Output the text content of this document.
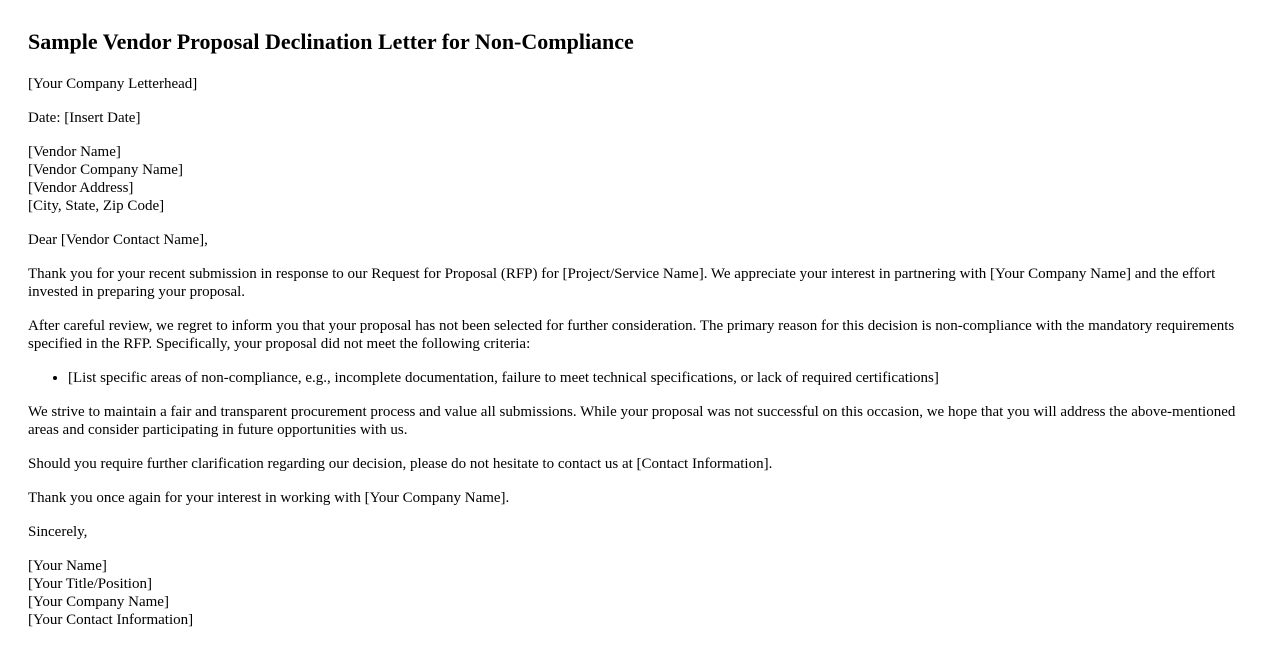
Sample Vendor Proposal Declination Letter for Non-Compliance

[Your Company Letterhead]

Date: [Insert Date]

[Vendor Name]
[Vendor Company Name]
[Vendor Address]
[City, State, Zip Code]

Dear [Vendor Contact Name],

Thank you for your recent submission in response to our Request for Proposal (RFP) for [Project/Service Name]. We appreciate your interest in partnering with [Your Company Name] and the effort invested in preparing your proposal.

After careful review, we regret to inform you that your proposal has not been selected for further consideration. The primary reason for this decision is non-compliance with the mandatory requirements specified in the RFP. Specifically, your proposal did not meet the following criteria:

• [List specific areas of non-compliance, e.g., incomplete documentation, failure to meet technical specifications, or lack of required certifications]

We strive to maintain a fair and transparent procurement process and value all submissions. While your proposal was not successful on this occasion, we hope that you will address the above-mentioned areas and consider participating in future opportunities with us.

Should you require further clarification regarding our decision, please do not hesitate to contact us at [Contact Information].

Thank you once again for your interest in working with [Your Company Name].

Sincerely,

[Your Name]
[Your Title/Position]
[Your Company Name]
[Your Contact Information]
